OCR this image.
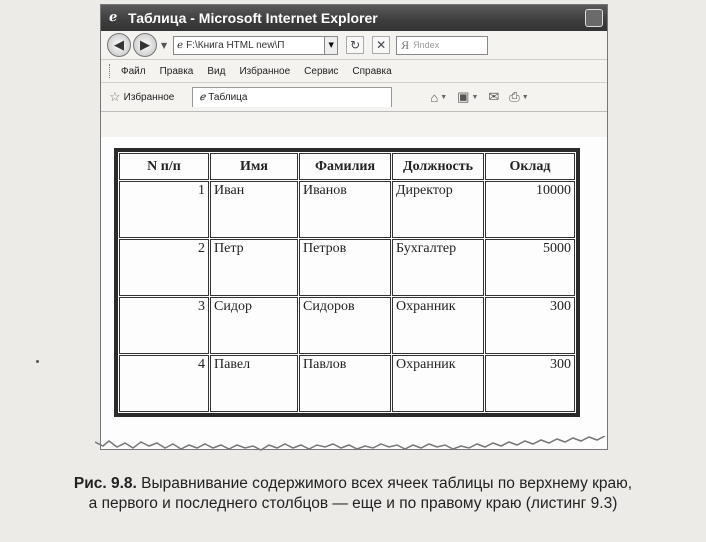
ℯ Таблица - Microsoft Internet Explorer
◀	▶	▼ ℯ F:\Книга HTML new\П	▼	↻	✕	Я Яndex
Файл Правка Вид Избранное Сервис Справка
☆ Избранное	ℯ Таблица	⌂ ▼ ▣ ▼ ✉ ⎙ ▼
N п/п	Имя	Фамилия	Должность	Оклад
1	Иван	Иванов	Директор	10000
2	Петр	Петров	Бухгалтер	5000
3	Сидор	Сидоров	Охранник	300
4	Павел	Павлов	Охранник	300
Рис. 9.8. Выравнивание содержимого всех ячеек таблицы по верхнему краю,
а первого и последнего столбцов — еще и по правому краю (листинг 9.3)
